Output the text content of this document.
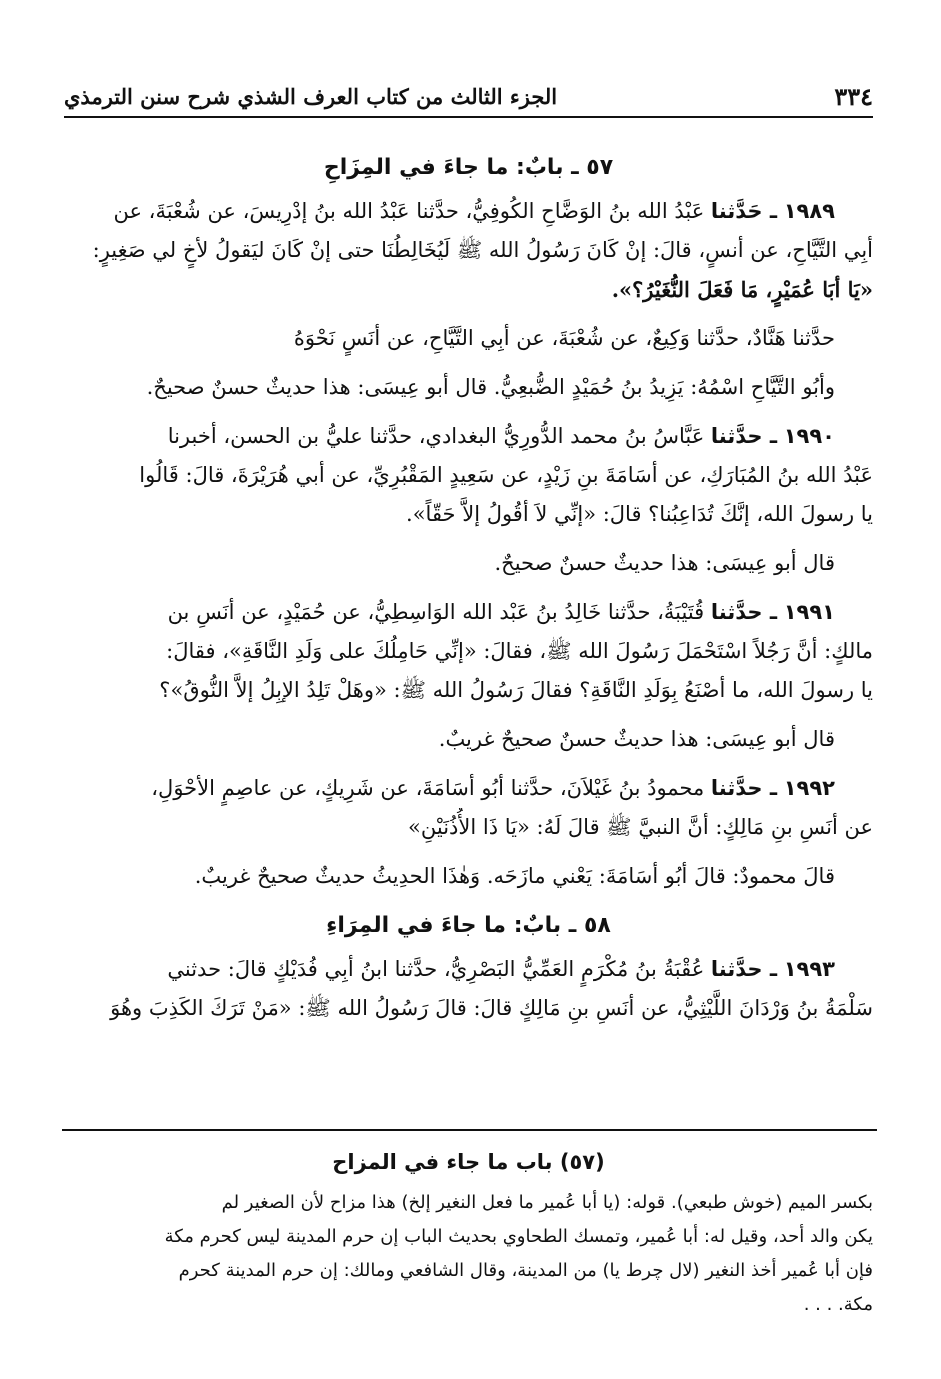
٣٣٤
الجزء الثالث من كتاب العرف الشذي شرح سنن الترمذي
٥٧ ـ بابٌ: ما جاءَ في المِزَاحِ

١٩٨٩ ـ حَدَّثنا عَبْدُ الله بنُ الوَضَّاحِ الكُوفِيُّ، حدَّثنا عَبْدُ الله بنُ إدْرِيسَ، عن شُعْبَةَ، عن
أبِي التَّيَّاحِ، عن أنسٍ، قالَ: إنْ كَانَ رَسُولُ الله ﷺ لَيُخَالِطُنَا حتى إنْ كَانَ ليَقولُ لأخٍ لي صَغِيرٍ:
«يَا أبَا عُمَيْرٍ، مَا فَعَلَ النُّغَيْرُ؟».

حدَّثنا هَنَّادٌ، حدَّثنا وَكِيعٌ، عن شُعْبَةَ، عن أبِي التَّيَّاحِ، عن أنَسٍ نَحْوَهُ

وأبُو التَّيَّاحِ اسْمُهُ: يَزِيدُ بنُ حُمَيْدٍ الضُّبعِيُّ. قال أبو عِيسَى: هذا حديثٌ حسنٌ صحيحٌ.

١٩٩٠ ـ حدَّثنا عَبَّاسُ بنُ محمد الدُّورِيُّ البغدادي، حدَّثنا عليُّ بن الحسن، أخبرنا
عَبْدُ الله بنُ المُبَارَكِ، عن أسَامَةَ بنِ زَيْدٍ، عن سَعِيدٍ المَقْبُرِيِّ، عن أبي هُرَيْرَةَ، قالَ: قَالُوا
يا رسولَ الله، إنَّكَ تُدَاعِبُنا؟ قالَ: «إنِّي لاَ أقُولُ إلاَّ حَقّاً».

قال أبو عِيسَى: هذا حديثٌ حسنٌ صحيحٌ.

١٩٩١ ـ حدَّثنا قُتَيْبَةُ، حدَّثنا خَالِدُ بنُ عَبْد الله الوَاسِطِيُّ، عن حُمَيْدٍ، عن أنَسِ بن
مالكٍ: أنَّ رَجُلاً اسْتَحْمَلَ رَسُولَ الله ﷺ، فقالَ: «إنِّي حَامِلُكَ على وَلَدِ النَّاقَةِ»، فقالَ:
يا رسولَ الله، ما أصْنَعُ بِوَلَدِ النَّاقَةِ؟ فقالَ رَسُولُ الله ﷺ: «وهَلْ تَلِدُ الإبِلُ إلاَّ النُّوقُ»؟

قال أبو عِيسَى: هذا حديثٌ حسنٌ صحيحٌ غريبٌ.

١٩٩٢ ـ حدَّثنا محمودُ بنُ غَيْلاَنَ، حدَّثنا أبُو أسَامَةَ، عن شَرِيكٍ، عن عاصِمٍ الأحْوَلِ،
عن أنَسِ بنِ مَالِكٍ: أنَّ النبيَّ ﷺ قالَ لَهُ: «يَا ذَا الأُذُنَيْنِ»

قالَ محمودٌ: قالَ أبُو أسَامَةَ: يَعْني مازَحَه. وَهٰذَا الحدِيثُ حديثٌ صحيحٌ غريبٌ.

٥٨ ـ بابٌ: ما جاءَ في المِرَاءِ

١٩٩٣ ـ حدَّثنا عُقْبَةُ بنُ مُكْرَمٍ العَمِّيُّ البَصْرِيُّ، حدَّثنا ابنُ أبِي فُدَيْكٍ قالَ: حدثني
سَلْمَةُ بنُ وَرْدَانَ اللَّيْثِيُّ، عن أنَسِ بنِ مَالِكٍ قالَ: قالَ رَسُولُ الله ﷺ: «مَنْ تَرَكَ الكَذِبَ وهُوَ

(٥٧) باب ما جاء في المزاح

بكسر الميم (خوش طبعي). قوله: (يا أبا عُمير ما فعل النغير إلخ) هذا مزاح لأن الصغير لم
يكن والد أحد، وقيل له: أبا عُمير، وتمسك الطحاوي بحديث الباب إن حرم المدينة ليس كحرم مكة
فإن أبا عُمير أخذ النغير (لال چرط يا) من المدينة، وقال الشافعي ومالك: إن حرم المدينة كحرم
مكة. . . .
